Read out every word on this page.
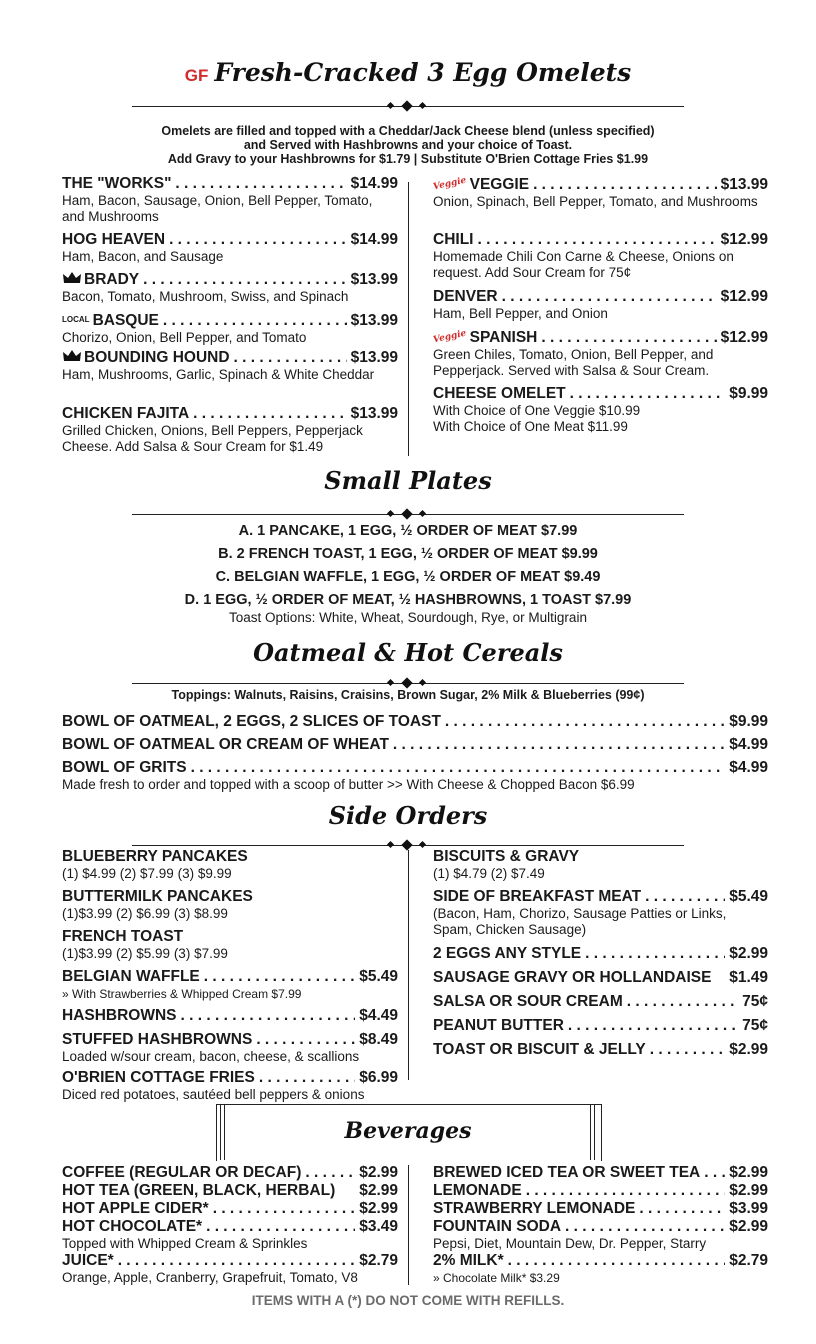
GF Fresh-Cracked 3 Egg Omelets
Omelets are filled and topped with a Cheddar/Jack Cheese blend (unless specified)
and Served with Hashbrowns and your choice of Toast.
Add Gravy to your Hashbrowns for $1.79 | Substitute O'Brien Cottage Fries $1.99
THE "WORKS" . . .	$14.99
Ham, Bacon, Sausage, Onion, Bell Pepper, Tomato, and Mushrooms
HOG HEAVEN . . .	$14.99
Ham, Bacon, and Sausage
BRADY . . .	$13.99
Bacon, Tomato, Mushroom, Swiss, and Spinach
LOCAL BASQUE . . .	$13.99
Chorizo, Onion, Bell Pepper, and Tomato
BOUNDING HOUND . . .	$13.99
Ham, Mushrooms, Garlic, Spinach & White Cheddar
CHICKEN FAJITA . . .	$13.99
Grilled Chicken, Onions, Bell Peppers, Pepperjack Cheese. Add Salsa & Sour Cream for $1.49
Veggie VEGGIE . . .	$13.99
Onion, Spinach, Bell Pepper, Tomato, and Mushrooms
CHILI . . .	$12.99
Homemade Chili Con Carne & Cheese, Onions on request. Add Sour Cream for 75¢
DENVER . . .	$12.99
Ham, Bell Pepper, and Onion
Veggie SPANISH . . .	$12.99
Green Chiles, Tomato, Onion, Bell Pepper, and Pepperjack. Served with Salsa & Sour Cream.
CHEESE OMELET . . .	$9.99
With Choice of One Veggie $10.99
With Choice of One Meat $11.99
Small Plates
A. 1 PANCAKE, 1 EGG, ½ ORDER OF MEAT $7.99
B. 2 FRENCH TOAST, 1 EGG, ½ ORDER OF MEAT $9.99
C. BELGIAN WAFFLE, 1 EGG, ½ ORDER OF MEAT $9.49
D. 1 EGG, ½ ORDER OF MEAT, ½ HASHBROWNS, 1 TOAST $7.99
Toast Options: White, Wheat, Sourdough, Rye, or Multigrain
Oatmeal & Hot Cereals
Toppings: Walnuts, Raisins, Craisins, Brown Sugar, 2% Milk & Blueberries (99¢)
BOWL OF OATMEAL, 2 EGGS, 2 SLICES OF TOAST . . .	$9.99
BOWL OF OATMEAL OR CREAM OF WHEAT . . .	$4.99
BOWL OF GRITS . . .	$4.99
Made fresh to order and topped with a scoop of butter >> With Cheese & Chopped Bacon $6.99
Side Orders
BLUEBERRY PANCAKES
(1) $4.99 (2) $7.99 (3) $9.99
BUTTERMILK PANCAKES
(1)$3.99 (2) $6.99 (3) $8.99
FRENCH TOAST
(1)$3.99 (2) $5.99 (3) $7.99
BELGIAN WAFFLE . . .	$5.49
» With Strawberries & Whipped Cream $7.99
HASHBROWNS . . .	$4.49
STUFFED HASHBROWNS . . .	$8.49
Loaded w/sour cream, bacon, cheese, & scallions
O'BRIEN COTTAGE FRIES . . .	$6.99
Diced red potatoes, sautéed bell peppers & onions
BISCUITS & GRAVY
(1) $4.79 (2) $7.49
SIDE OF BREAKFAST MEAT . . .	$5.49
(Bacon, Ham, Chorizo, Sausage Patties or Links, Spam, Chicken Sausage)
2 EGGS ANY STYLE . . .	$2.99
SAUSAGE GRAVY OR HOLLANDAISE $1.49
SALSA OR SOUR CREAM . . .	75¢
PEANUT BUTTER . . .	75¢
TOAST OR BISCUIT & JELLY . . .	$2.99
Beverages
COFFEE (REGULAR OR DECAF) . . .	$2.99
HOT TEA (GREEN, BLACK, HERBAL) $2.99
HOT APPLE CIDER* . . .	$2.99
HOT CHOCOLATE* . . .	$3.49
Topped with Whipped Cream & Sprinkles
JUICE* . . .	$2.79
Orange, Apple, Cranberry, Grapefruit, Tomato, V8
BREWED ICED TEA OR SWEET TEA . . . $2.99
LEMONADE . . .	$2.99
STRAWBERRY LEMONADE . . .	$3.99
FOUNTAIN SODA . . .	$2.99
Pepsi, Diet, Mountain Dew, Dr. Pepper, Starry
2% MILK* . . .	$2.79
» Chocolate Milk* $3.29
ITEMS WITH A (*) DO NOT COME WITH REFILLS.
